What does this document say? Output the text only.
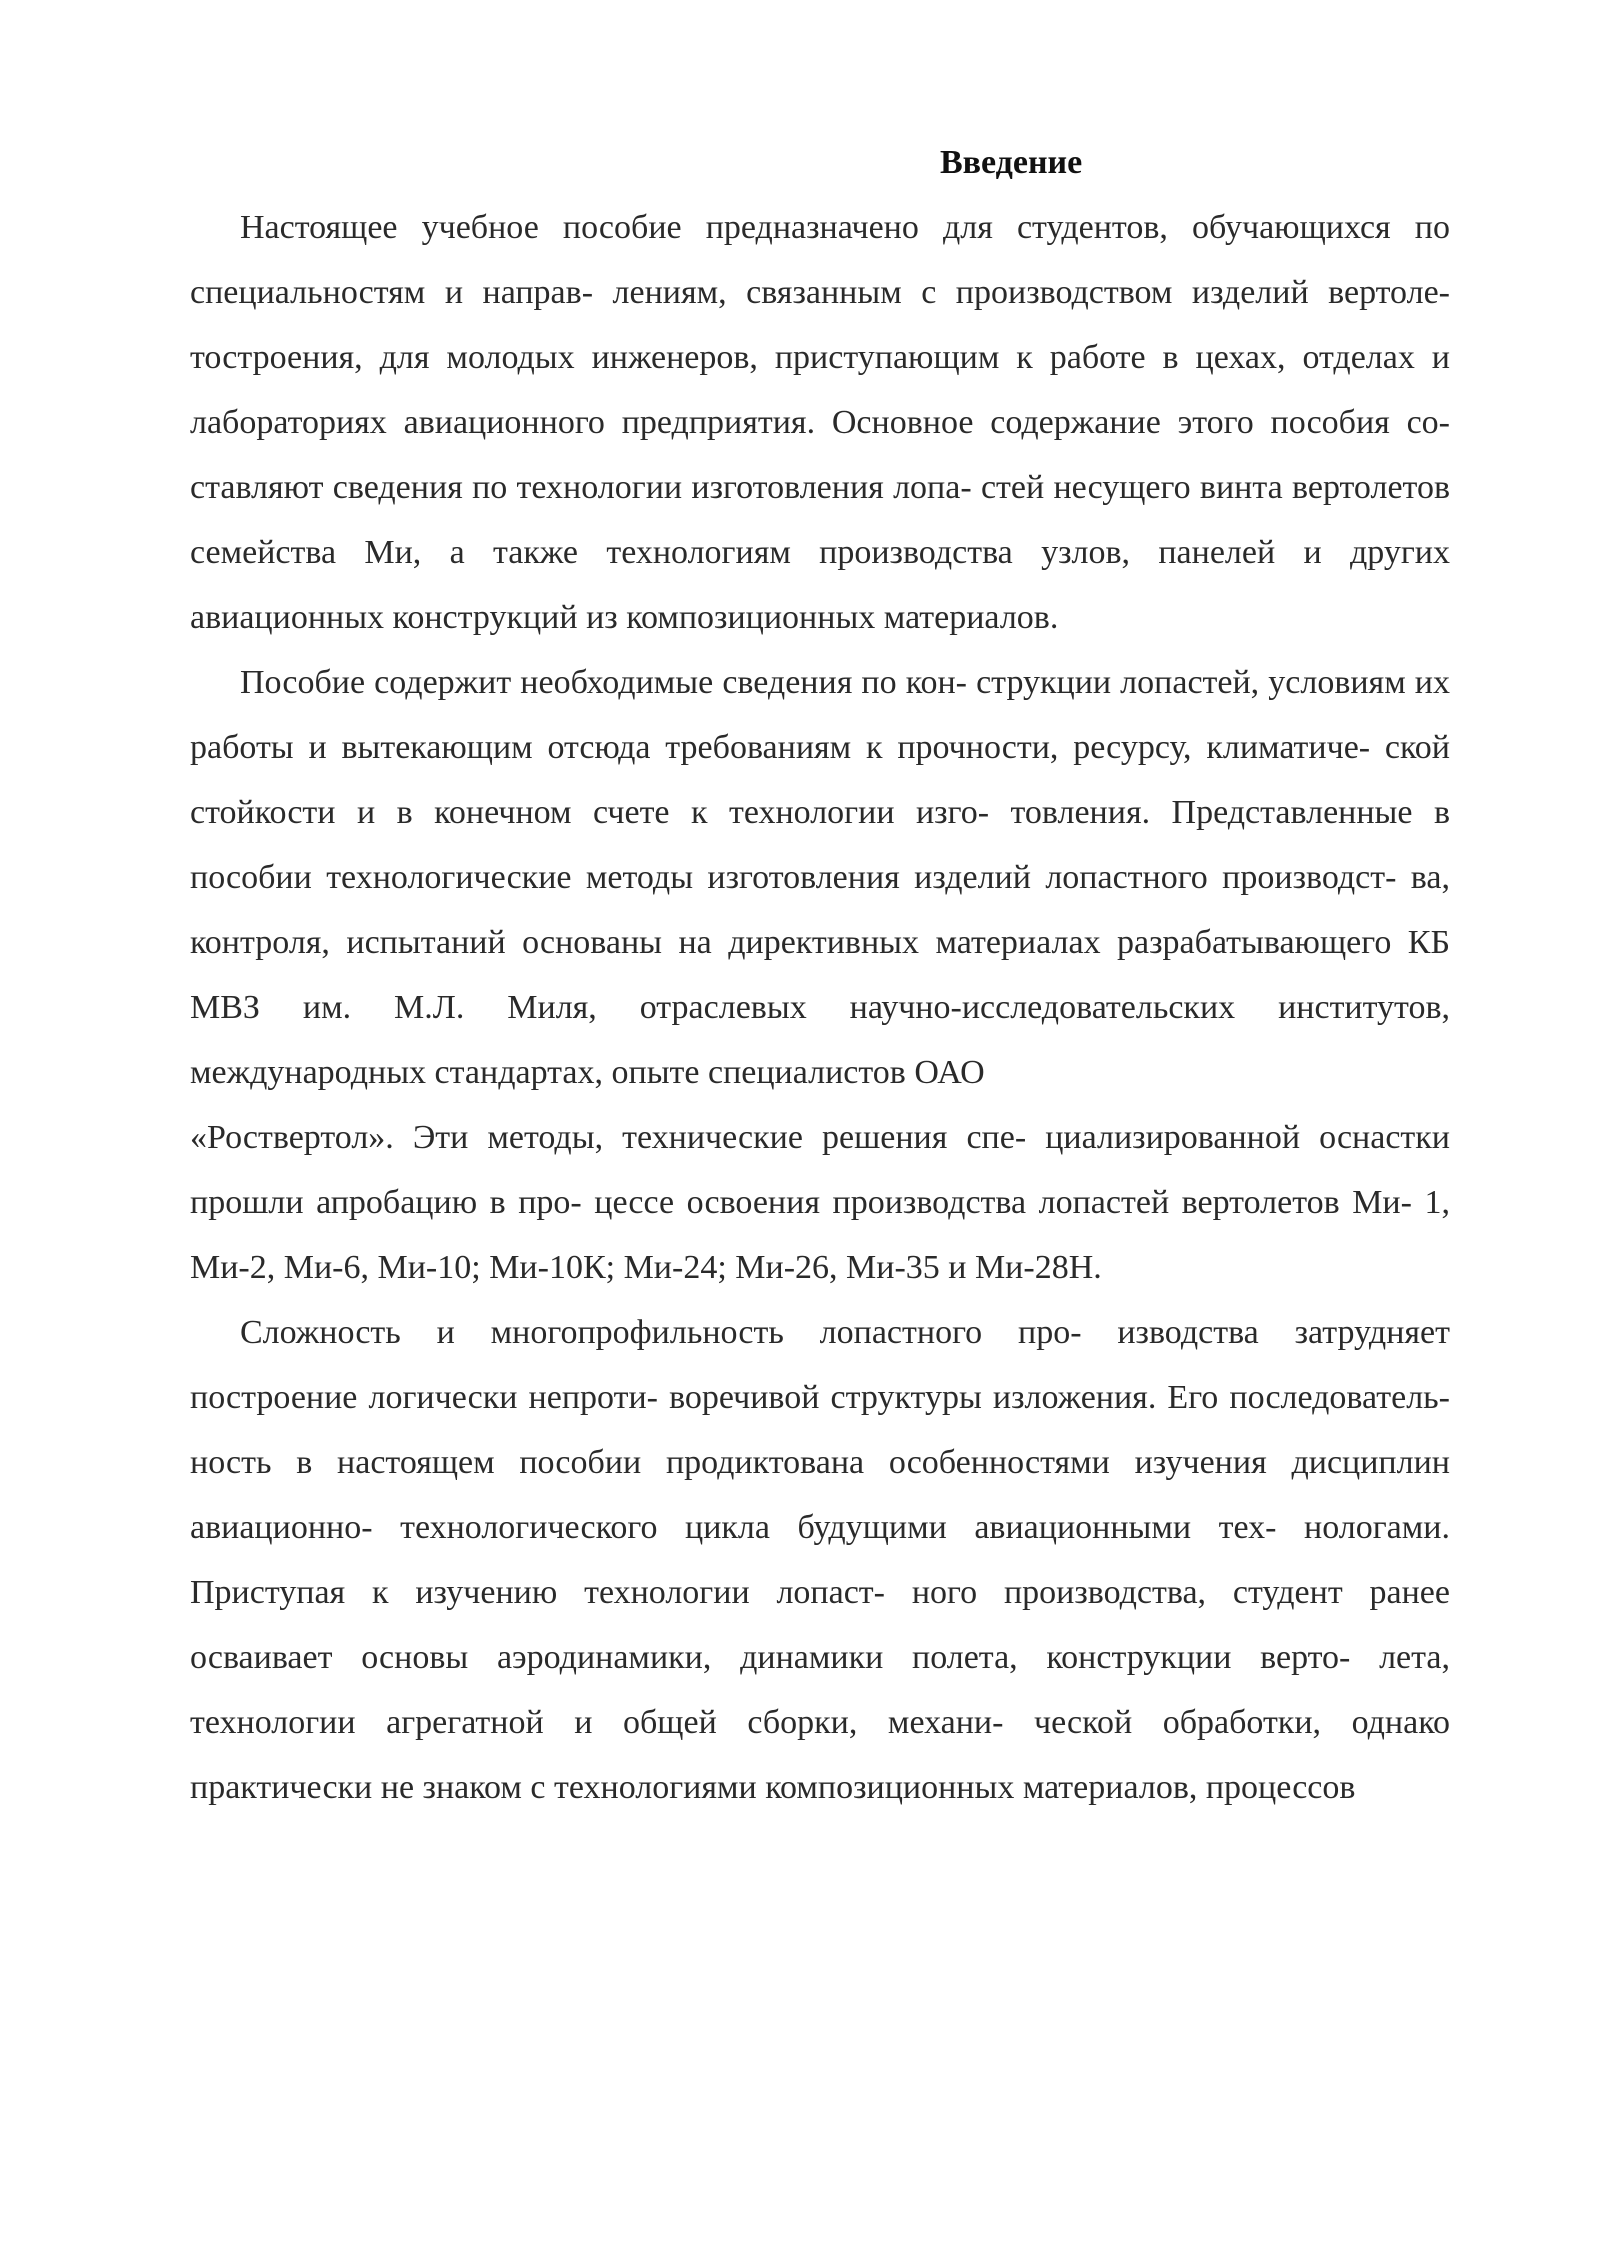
Введение

Настоящее учебное пособие предназначено для студентов, обучающихся по специальностям и направ- лениям, связанным с производством изделий вертоле- тостроения, для молодых инженеров, приступающим к работе в цехах, отделах и лабораториях авиационного предприятия. Основное содержание этого пособия со- ставляют сведения по технологии изготовления лопа- стей несущего винта вертолетов семейства Ми, а также технологиям производства узлов, панелей и других авиационных конструкций из композиционных материалов.

Пособие содержит необходимые сведения по кон- струкции лопастей, условиям их работы и вытекающим отсюда требованиям к прочности, ресурсу, климатиче- ской стойкости и в конечном счете к технологии изго- товления. Представленные в пособии технологические методы изготовления изделий лопастного производст- ва, контроля, испытаний основаны на директивных материалах разрабатывающего КБ МВЗ им. М.Л. Миля, отраслевых научно-исследовательских институтов, международных стандартах, опыте специалистов ОАО

«Роствертол». Эти методы, технические решения спе- циализированной оснастки прошли апробацию в про- цессе освоения производства лопастей вертолетов Ми- 1, Ми-2, Ми-6, Ми-10; Ми-10К; Ми-24; Ми-26, Ми-35 и Ми-28Н.

Сложность и многопрофильность лопастного про- изводства затрудняет построение логически непроти- воречивой структуры изложения. Его последователь- ность в настоящем пособии продиктована особенностями изучения дисциплин авиационно- технологического цикла будущими авиационными тех- нологами. Приступая к изучению технологии лопаст- ного производства, студент ранее осваивает основы аэродинамики, динамики полета, конструкции верто- лета, технологии агрегатной и общей сборки, механи- ческой обработки, однако практически не знаком с технологиями композиционных материалов, процессов
